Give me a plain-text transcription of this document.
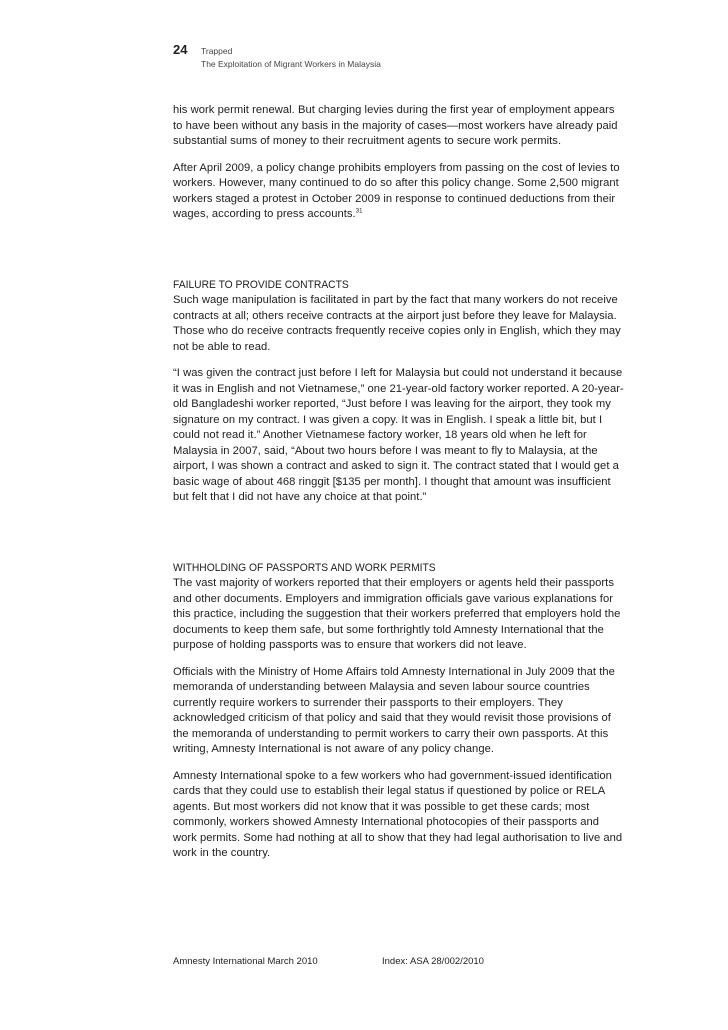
24 Trapped
The Exploitation of Migrant Workers in Malaysia

his work permit renewal. But charging levies during the first year of employment appears to have been without any basis in the majority of cases—most workers have already paid substantial sums of money to their recruitment agents to secure work permits.

After April 2009, a policy change prohibits employers from passing on the cost of levies to workers. However, many continued to do so after this policy change. Some 2,500 migrant workers staged a protest in October 2009 in response to continued deductions from their wages, according to press accounts.$^{31}$

FAILURE TO PROVIDE CONTRACTS

Such wage manipulation is facilitated in part by the fact that many workers do not receive contracts at all; others receive contracts at the airport just before they leave for Malaysia. Those who do receive contracts frequently receive copies only in English, which they may not be able to read.

“I was given the contract just before I left for Malaysia but could not understand it because it was in English and not Vietnamese,” one 21-year-old factory worker reported. A 20-year-old Bangladeshi worker reported, “Just before I was leaving for the airport, they took my signature on my contract. I was given a copy. It was in English. I speak a little bit, but I could not read it.” Another Vietnamese factory worker, 18 years old when he left for Malaysia in 2007, said, “About two hours before I was meant to fly to Malaysia, at the airport, I was shown a contract and asked to sign it. The contract stated that I would get a basic wage of about 468 ringgit [$135 per month]. I thought that amount was insufficient but felt that I did not have any choice at that point.”

WITHHOLDING OF PASSPORTS AND WORK PERMITS

The vast majority of workers reported that their employers or agents held their passports and other documents. Employers and immigration officials gave various explanations for this practice, including the suggestion that their workers preferred that employers hold the documents to keep them safe, but some forthrightly told Amnesty International that the purpose of holding passports was to ensure that workers did not leave.

Officials with the Ministry of Home Affairs told Amnesty International in July 2009 that the memoranda of understanding between Malaysia and seven labour source countries currently require workers to surrender their passports to their employers. They acknowledged criticism of that policy and said that they would revisit those provisions of the memoranda of understanding to permit workers to carry their own passports. At this writing, Amnesty International is not aware of any policy change.

Amnesty International spoke to a few workers who had government-issued identification cards that they could use to establish their legal status if questioned by police or RELA agents. But most workers did not know that it was possible to get these cards; most commonly, workers showed Amnesty International photocopies of their passports and work permits. Some had nothing at all to show that they had legal authorisation to live and work in the country.

Amnesty International March 2010	Index: ASA 28/002/2010
